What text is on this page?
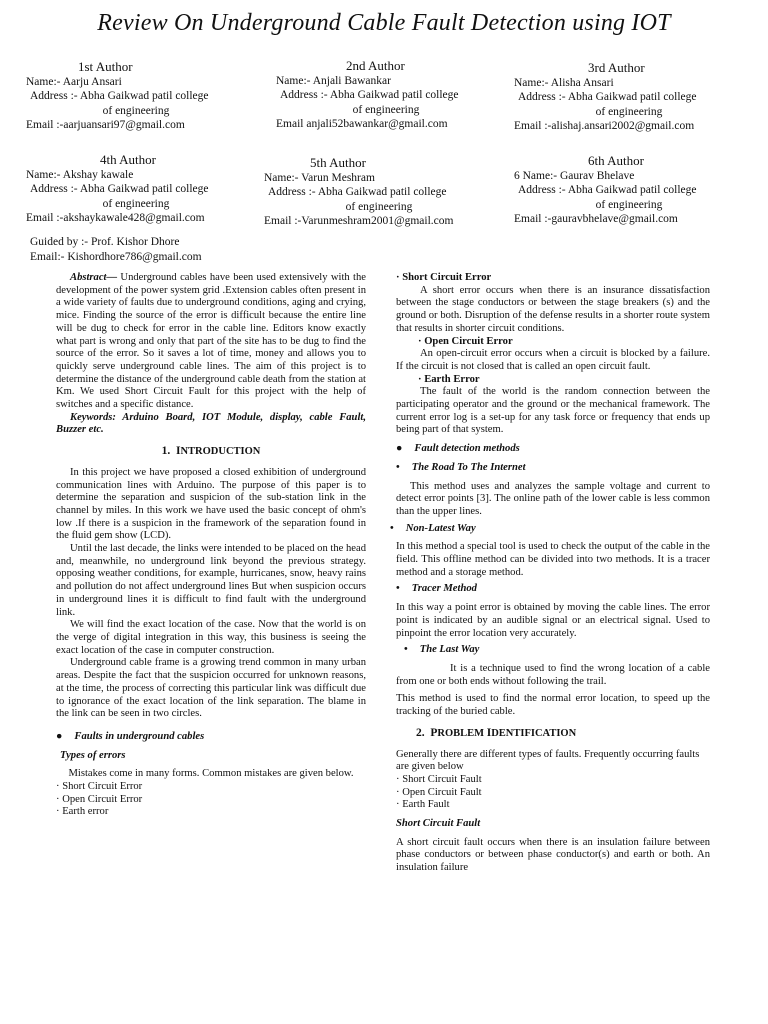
Review On Underground Cable Fault Detection using IOT
1st Author
Name:- Aarju Ansari
Address :- Abha Gaikwad patil college
of engineering
Email :-aarjuansari97@gmail.com
2nd Author
Name:- Anjali Bawankar
Address :- Abha Gaikwad patil college
of engineering
Email anjali52bawankar@gmail.com
3rd Author
Name:- Alisha Ansari
Address :- Abha Gaikwad patil college
of engineering
Email :-alishaj.ansari2002@gmail.com
4th Author
Name:- Akshay kawale
Address :- Abha Gaikwad patil college
of engineering
Email :-akshaykawale428@gmail.com
5th Author
Name:- Varun Meshram
Address :- Abha Gaikwad patil college
of engineering
Email :-Varunmeshram2001@gmail.com
6th Author
6 Name:- Gaurav Bhelave
Address :- Abha Gaikwad patil college
of engineering
Email :-gauravbhelave@gmail.com
Guided by :- Prof. Kishor Dhore
Email:- Kishordhore786@gmail.com

Abstract— Underground cables have been used extensively with the development of the power system grid .Extension cables often present in a wide variety of faults due to underground conditions, aging and crying, mice. Finding the source of the error is difficult because the entire line will be dug to check for error in the cable line. Editors know exactly what part is wrong and only that part of the site has to be dug to find the source of the error. So it saves a lot of time, money and allows you to quickly serve underground cable lines. The aim of this project is to determine the distance of the underground cable death from the station at Km. We used Short Circuit Fault for this project with the help of switches and a specific distance.

Keywords: Arduino Board, IOT Module, display, cable Fault, Buzzer etc.

1. INTRODUCTION

In this project we have proposed a closed exhibition of underground communication lines with Arduino. The purpose of this paper is to determine the separation and suspicion of the sub-station link in the channel by miles. In this work we have used the basic concept of ohm's low .If there is a suspicion in the framework of the separation found in the fluid gem show (LCD).

Until the last decade, the links were intended to be placed on the head and, meanwhile, no underground link beyond the previous strategy. opposing weather conditions, for example, hurricanes, snow, heavy rains and pollution do not affect underground lines But when suspicion occurs in underground lines it is difficult to find fault with the underground link.

We will find the exact location of the case. Now that the world is on the verge of digital integration in this way, this business is seeing the exact location of the case in computer construction.

Underground cable frame is a growing trend common in many urban areas. Despite the fact that the suspicion occurred for unknown reasons, at the time, the process of correcting this particular link was difficult due to ignorance of the exact location of the link separation. The blame in the link can be seen in two circles.

● Faults in underground cables
Types of errors

Mistakes come in many forms. Common mistakes are given below.

· Short Circuit Error
· Open Circuit Error
· Earth error
· Short Circuit Error

A short error occurs when there is an insurance dissatisfaction between the stage conductors or between the stage breakers (s) and the ground or both. Disruption of the defense results in a shorter route system that results in shorter circuit conditions.

· Open Circuit Error

An open-circuit error occurs when a circuit is blocked by a failure. If the circuit is not closed that is called an open circuit fault.

· Earth Error

The fault of the world is the random connection between the participating operator and the ground or the mechanical framework. The current error log is a set-up for any task force or frequency that ends up being part of that system.

● Fault detection methods
• The Road To The Internet

This method uses and analyzes the sample voltage and current to detect error points [3]. The online path of the lower cable is less common than the upper lines.

• Non-Latest Way

In this method a special tool is used to check the output of the cable in the field. This offline method can be divided into two methods. It is a tracer method and a storage method.

• Tracer Method

In this way a point error is obtained by moving the cable lines. The error point is indicated by an audible signal or an electrical signal. Used to pinpoint the error location very accurately.

• The Last Way

It is a technique used to find the wrong location of a cable from one or both ends without following the trail.

This method is used to find the normal error location, to speed up the tracking of the buried cable.

2. PROBLEM IDENTIFICATION

Generally there are different types of faults. Frequently occurring faults are given below

· Short Circuit Fault
· Open Circuit Fault
· Earth Fault
Short Circuit Fault

A short circuit fault occurs when there is an insulation failure between phase conductors or between phase conductor(s) and earth or both. An insulation failure
